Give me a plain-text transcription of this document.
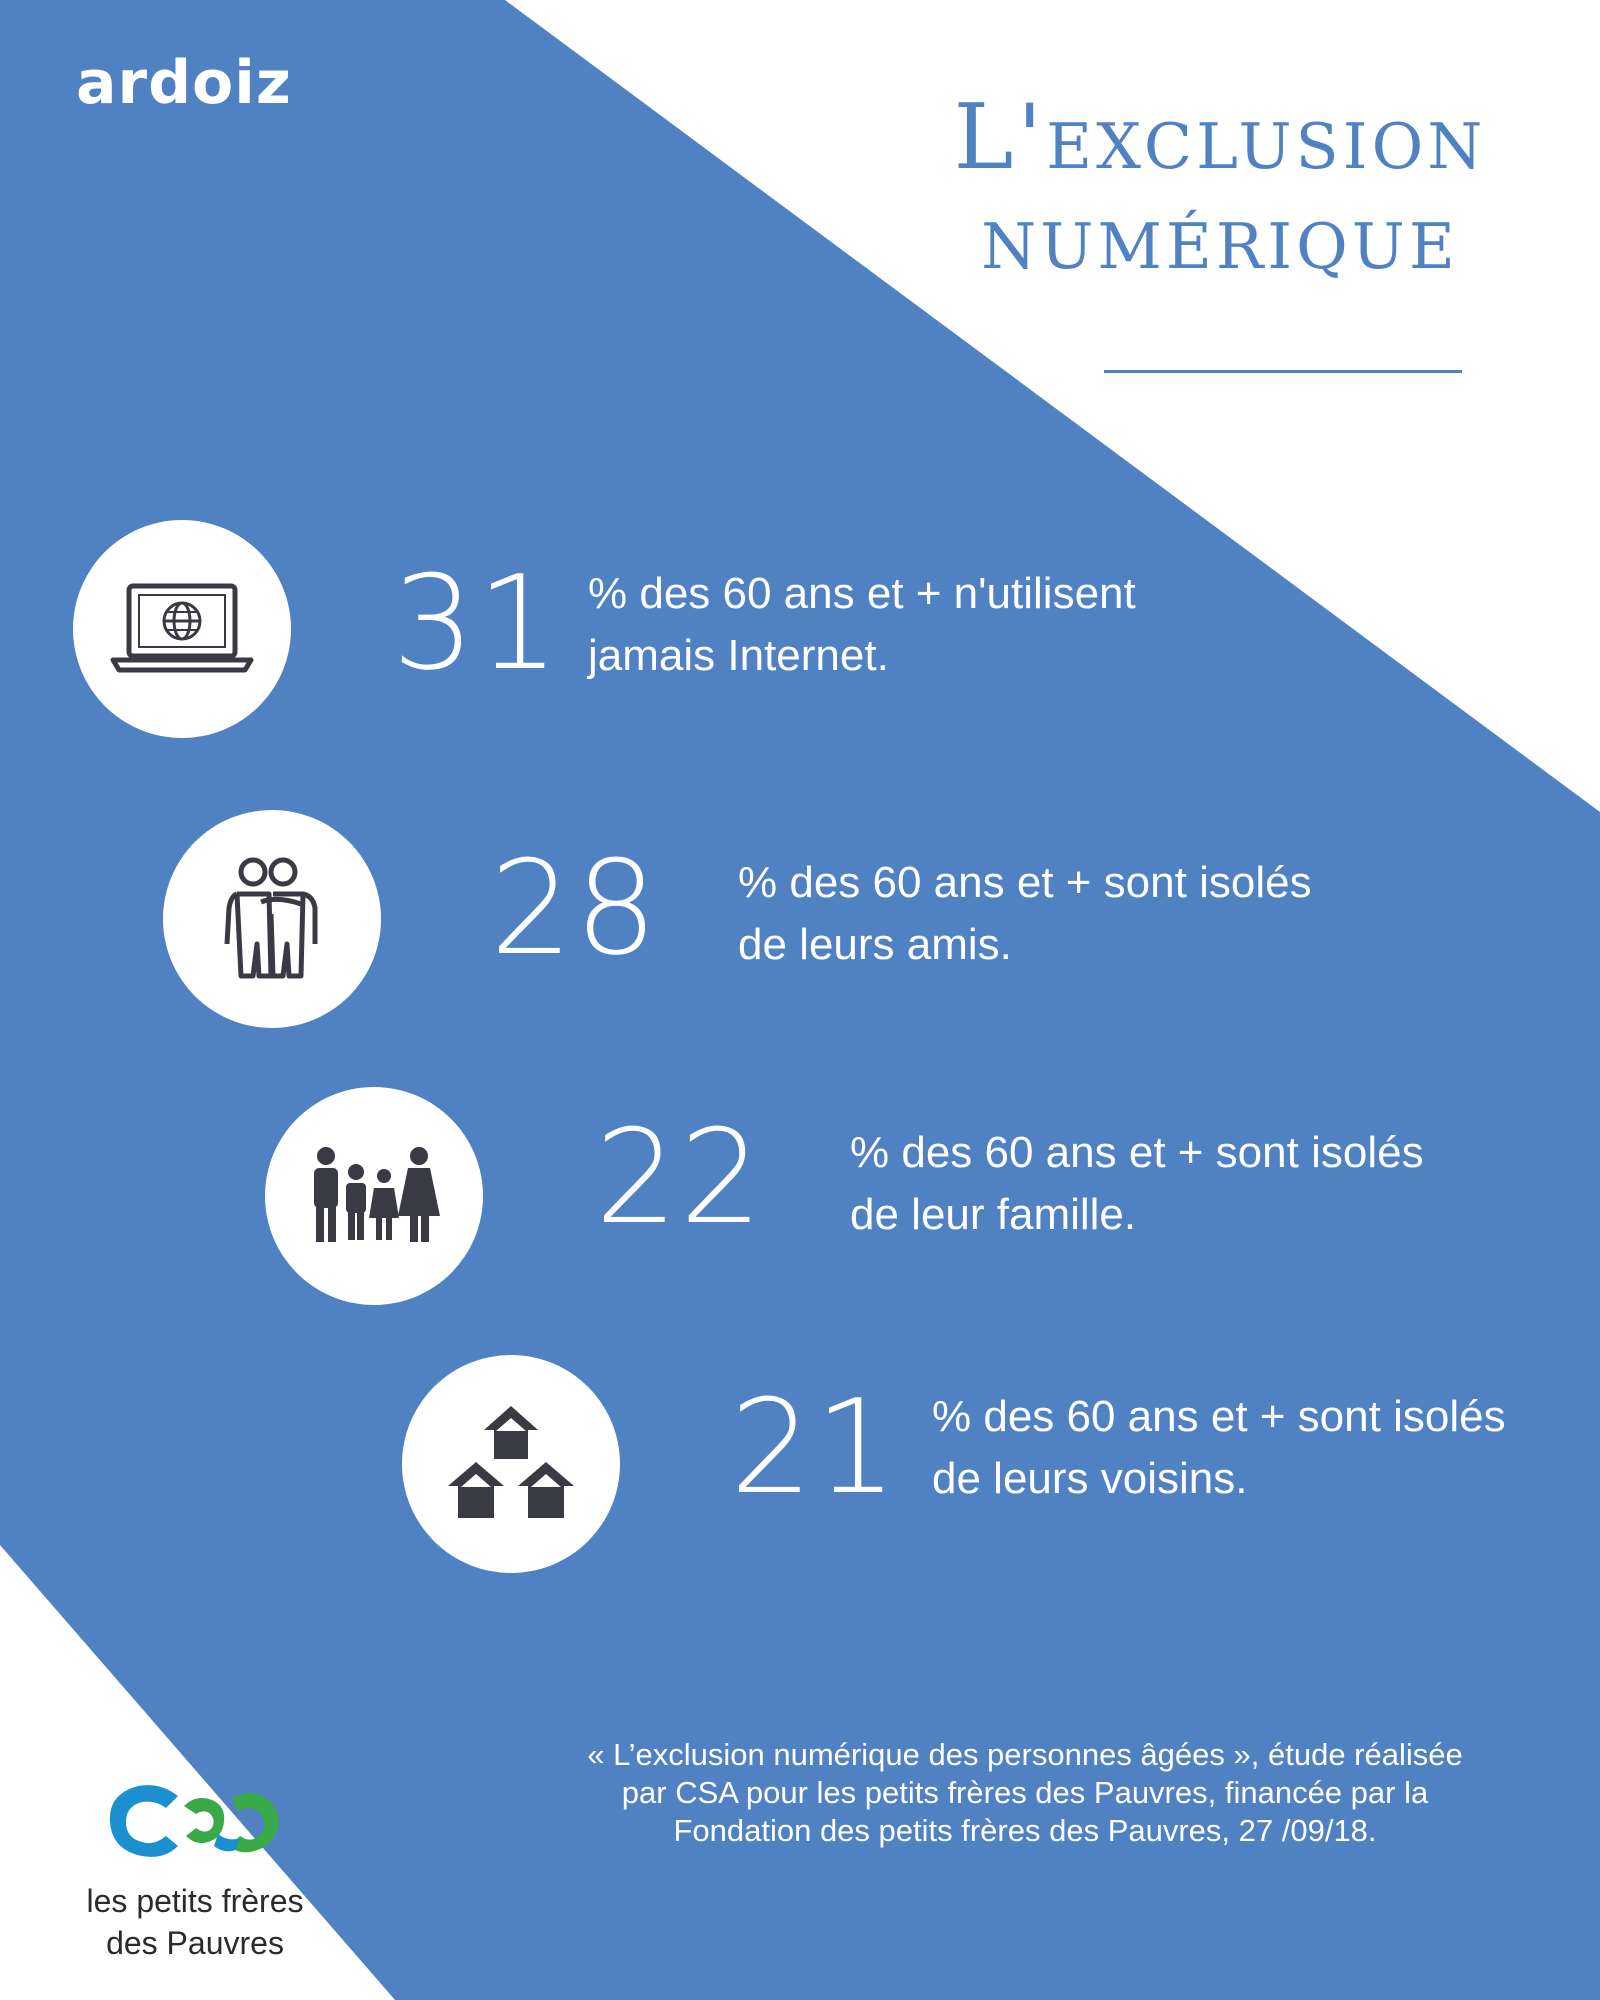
ardoiz
L'exclusion
numérique
31 % des 60 ans et + n'utilisent
jamais Internet.
28 % des 60 ans et + sont isolés
de leurs amis.
22 % des 60 ans et + sont isolés
de leur famille.
21 % des 60 ans et + sont isolés
de leurs voisins.
« L’exclusion numérique des personnes âgées », étude réalisée
par CSA pour les petits frères des Pauvres, financée par la
Fondation des petits frères des Pauvres, 27 /09/18.
les petits frères
des Pauvres
